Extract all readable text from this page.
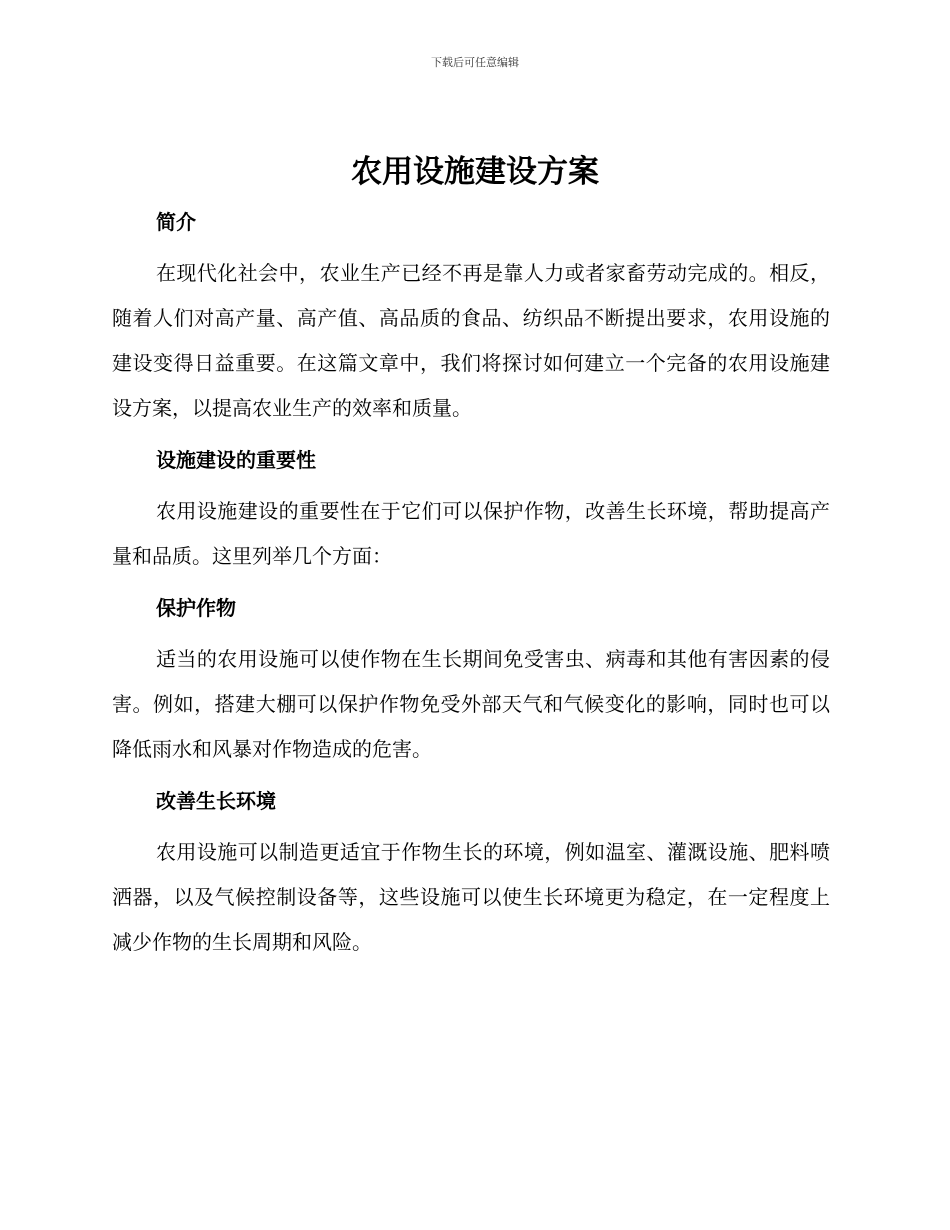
下载后可任意编辑
农用设施建设方案
简介

在现代化社会中，农业生产已经不再是靠人力或者家畜劳动完成的。相反，随着人们对高产量、高产值、高品质的食品、纺织品不断提出要求，农用设施的建设变得日益重要。在这篇文章中，我们将探讨如何建立一个完备的农用设施建设方案，以提高农业生产的效率和质量。

设施建设的重要性

农用设施建设的重要性在于它们可以保护作物，改善生长环境，帮助提高产量和品质。这里列举几个方面：

保护作物

适当的农用设施可以使作物在生长期间免受害虫、病毒和其他有害因素的侵害。例如，搭建大棚可以保护作物免受外部天气和气候变化的影响，同时也可以降低雨水和风暴对作物造成的危害。

改善生长环境

农用设施可以制造更适宜于作物生长的环境，例如温室、灌溉设施、肥料喷洒器，以及气候控制设备等，这些设施可以使生长环境更为稳定，在一定程度上减少作物的生长周期和风险。
